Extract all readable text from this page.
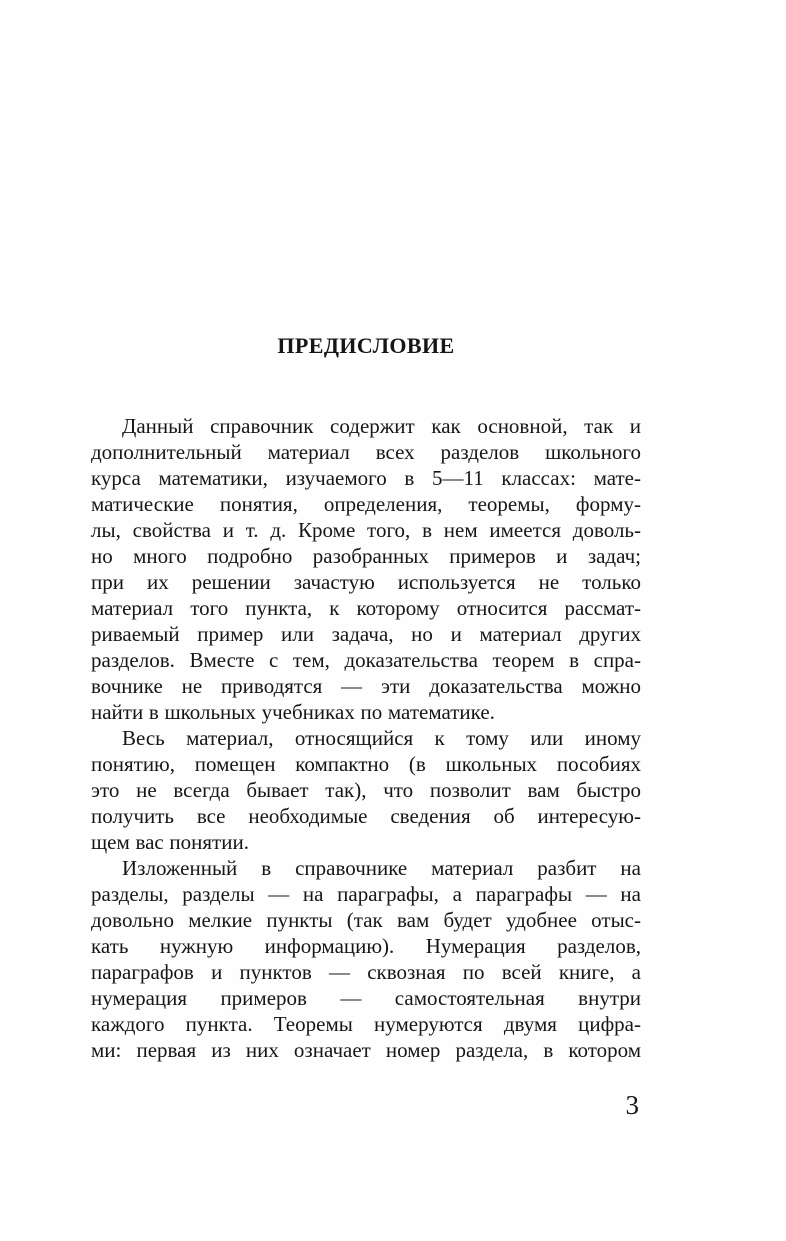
ПРЕДИСЛОВИЕ
Данный справочник содержит как основной, так и
дополнительный материал всех разделов школьного
курса математики, изучаемого в 5—11 классах: мате-
матические понятия, определения, теоремы, форму-
лы, свойства и т. д. Кроме того, в нем имеется доволь-
но много подробно разобранных примеров и задач;
при их решении зачастую используется не только
материал того пункта, к которому относится рассмат-
риваемый пример или задача, но и материал других
разделов. Вместе с тем, доказательства теорем в спра-
вочнике не приводятся — эти доказательства можно
найти в школьных учебниках по математике.
Весь материал, относящийся к тому или иному
понятию, помещен компактно (в школьных пособиях
это не всегда бывает так), что позволит вам быстро
получить все необходимые сведения об интересую-
щем вас понятии.
Изложенный в справочнике материал разбит на
разделы, разделы — на параграфы, а параграфы — на
довольно мелкие пункты (так вам будет удобнее отыс-
кать нужную информацию). Нумерация разделов,
параграфов и пунктов — сквозная по всей книге, а
нумерация примеров — самостоятельная внутри
каждого пункта. Теоремы нумеруются двумя цифра-
ми: первая из них означает номер раздела, в котором
3
